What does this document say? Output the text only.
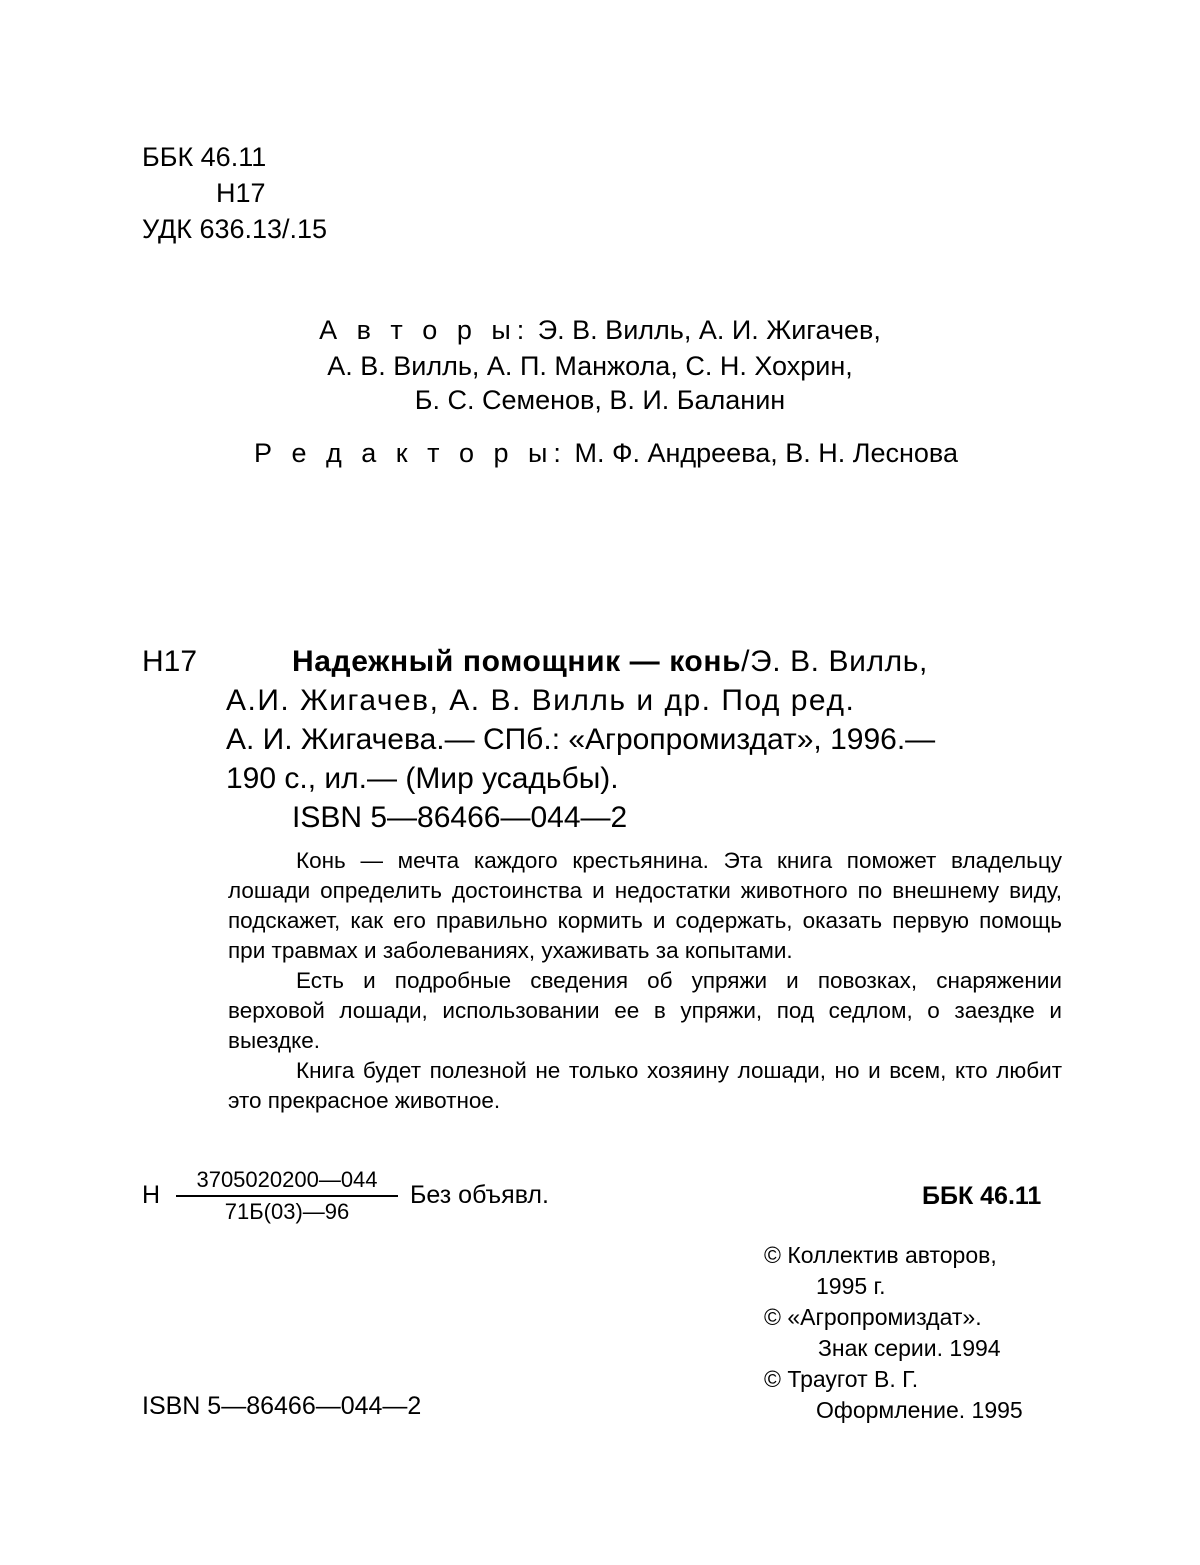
ББК 46.11
Н17
УДК 636.13/.15
А в т о р ы: Э. В. Вилль, А. И. Жигачев,
А. В. Вилль, А. П. Манжола, С. Н. Хохрин,
Б. С. Семенов, В. И. Баланин
Р е д а к т о р ы: М. Ф. Андреева, В. Н. Леснова
Н17	Надежный помощник — конь/Э. В. Вилль,
А.И. Жигачев, А. В. Вилль и др. Под ред.
А. И. Жигачева.— СПб.: «Агропромиздат», 1996.—
190 с., ил.— (Мир усадьбы).
ISBN 5—86466—044—2

Конь — мечта каждого крестьянина. Эта книга поможет владельцу лошади определить достоинства и недостатки животного по внешнему виду, подскажет, как его правильно кормить и содержать, оказать первую помощь при травмах и заболеваниях, ухаживать за копытами.

Есть и подробные сведения об упряжи и повозках, снаряжении верховой лошади, использовании ее в упряжи, под седлом, о заездке и выездке.

Книга будет полезной не только хозяину лошади, но и всем, кто любит это прекрасное животное.

Н
3705020200—044
71Б(03)—96
Без объявл.	ББК 46.11
© Коллектив авторов,
1995 г.
© «Агропромиздат».
Знак серии. 1994
© Траугот В. Г.
Оформление. 1995
ISBN 5—86466—044—2
